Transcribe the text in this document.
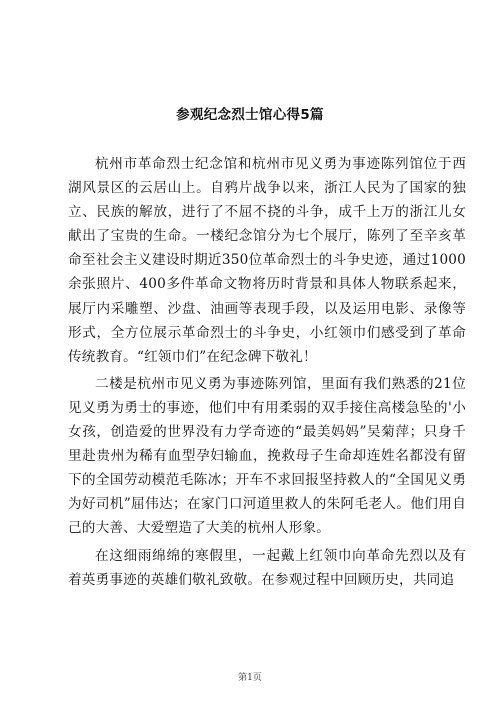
参观纪念烈士馆心得5篇

杭州市革命烈士纪念馆和杭州市见义勇为事迹陈列馆位于西湖风景区的云居山上。自鸦片战争以来，浙江人民为了国家的独立、民族的解放，进行了不屈不挠的斗争，成千上万的浙江儿女献出了宝贵的生命。一楼纪念馆分为七个展厅，陈列了至辛亥革命至社会主义建设时期近350位革命烈士的斗争史迹，通过1000余张照片、400多件革命文物将历时背景和具体人物联系起来，展厅内采雕塑、沙盘、油画等表现手段，以及运用电影、录像等形式，全方位展示革命烈士的斗争史，小红领巾们感受到了革命传统教育。“红领巾们”在纪念碑下敬礼！

二楼是杭州市见义勇为事迹陈列馆，里面有我们熟悉的21位见义勇为勇士的事迹，他们中有用柔弱的双手接住高楼急坠的'小女孩，创造爱的世界没有力学奇迹的“最美妈妈”吴菊萍；只身千里赴贵州为稀有血型孕妇输血，挽救母子生命却连姓名都没有留下的全国劳动模范毛陈冰；开车不求回报坚持救人的“全国见义勇为好司机”屈伟达；在家门口河道里救人的朱阿毛老人。他们用自己的大善、大爱塑造了大美的杭州人形象。

在这细雨绵绵的寒假里，一起戴上红领巾向革命先烈以及有着英勇事迹的英雄们敬礼致敬。在参观过程中回顾历史，共同追

第1页
